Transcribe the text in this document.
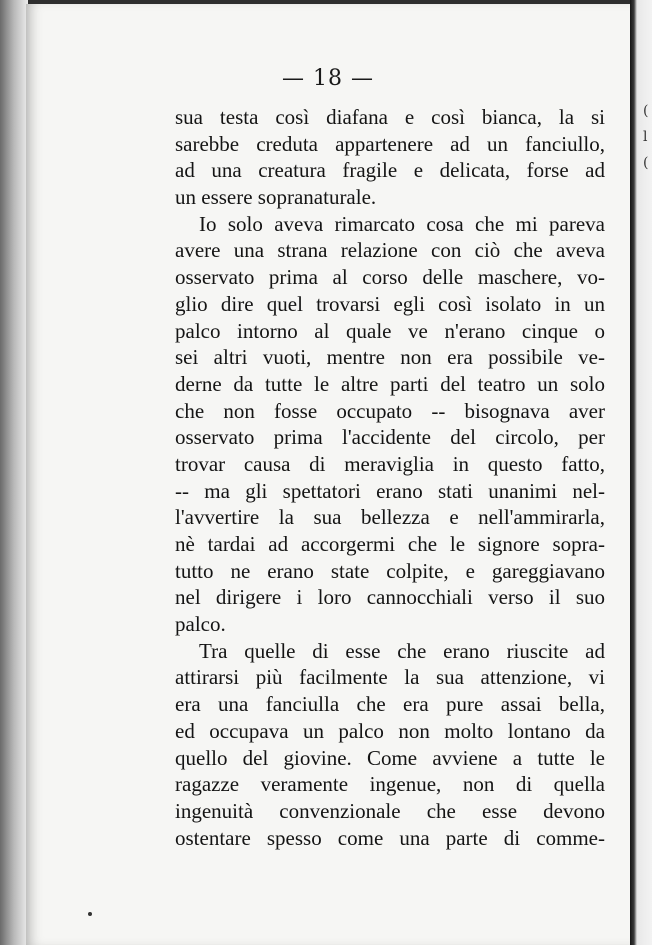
(
l
(
— 18 —
sua testa così diafana e così bianca, la si
sarebbe creduta appartenere ad un fanciullo,
ad una creatura fragile e delicata, forse ad
un essere sopranaturale.
Io solo aveva rimarcato cosa che mi pareva
avere una strana relazione con ciò che aveva
osservato prima al corso delle maschere, vo-
glio dire quel trovarsi egli così isolato in un
palco intorno al quale ve n'erano cinque o
sei altri vuoti, mentre non era possibile ve-
derne da tutte le altre parti del teatro un solo
che non fosse occupato -- bisognava aver
osservato prima l'accidente del circolo, per
trovar causa di meraviglia in questo fatto,
-- ma gli spettatori erano stati unanimi nel-
l'avvertire la sua bellezza e nell'ammirarla,
nè tardai ad accorgermi che le signore sopra-
tutto ne erano state colpite, e gareggiavano
nel dirigere i loro cannocchiali verso il suo
palco.
Tra quelle di esse che erano riuscite ad
attirarsi più facilmente la sua attenzione, vi
era una fanciulla che era pure assai bella,
ed occupava un palco non molto lontano da
quello del giovine. Come avviene a tutte le
ragazze veramente ingenue, non di quella
ingenuità convenzionale che esse devono
ostentare spesso come una parte di comme-
